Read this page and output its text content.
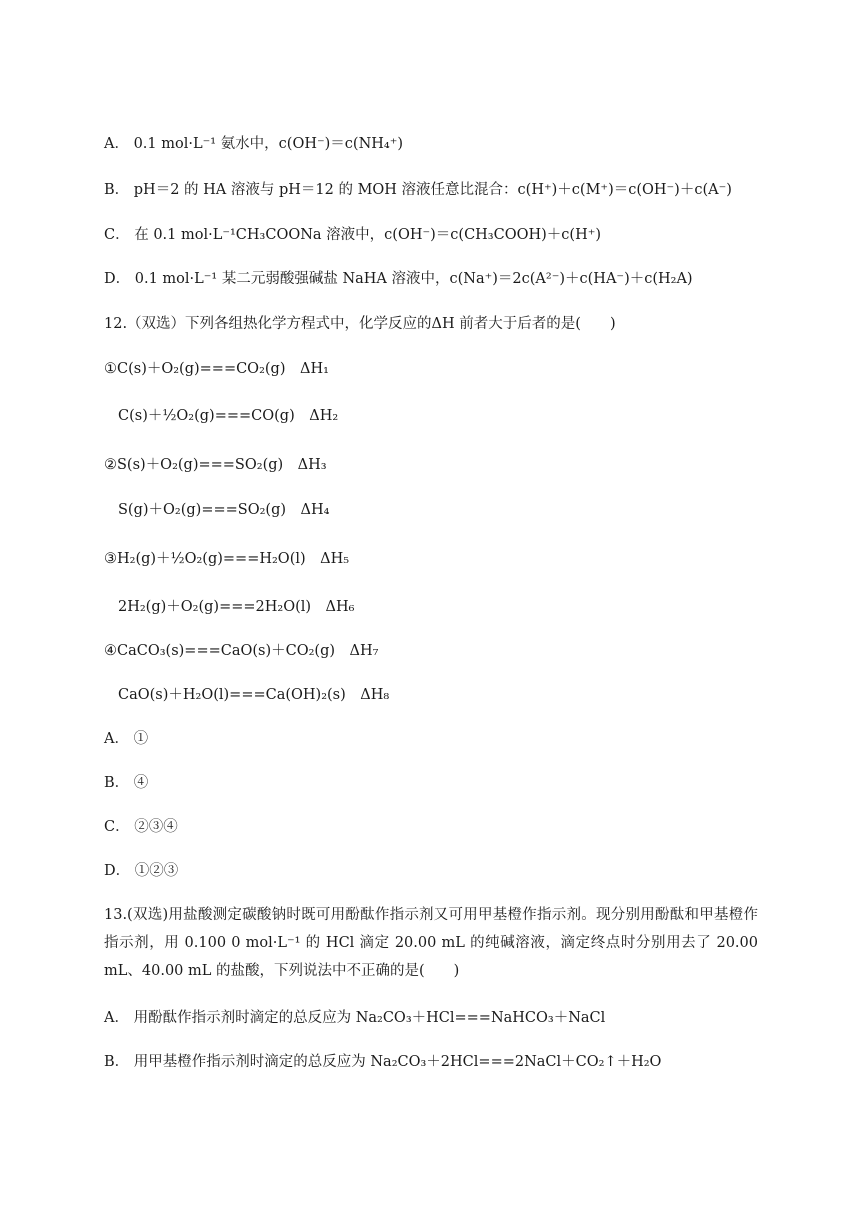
A． 0.1 mol·L⁻¹ 氨水中，c(OH⁻)＝c(NH₄⁺)
B． pH＝2 的 HA 溶液与 pH＝12 的 MOH 溶液任意比混合：c(H⁺)＋c(M⁺)＝c(OH⁻)＋c(A⁻)
C． 在 0.1 mol·L⁻¹CH₃COONa 溶液中，c(OH⁻)＝c(CH₃COOH)＋c(H⁺)
D． 0.1 mol·L⁻¹ 某二元弱酸强碱盐 NaHA 溶液中，c(Na⁺)＝2c(A²⁻)＋c(HA⁻)＋c(H₂A)
12.（双选）下列各组热化学方程式中，化学反应的ΔH 前者大于后者的是(　　)
①C(s)＋O₂(g)===CO₂(g)　ΔH₁
C(s)＋½O₂(g)===CO(g)　ΔH₂
②S(s)＋O₂(g)===SO₂(g)　ΔH₃
S(g)＋O₂(g)===SO₂(g)　ΔH₄
③H₂(g)＋½O₂(g)===H₂O(l)　ΔH₅
2H₂(g)＋O₂(g)===2H₂O(l)　ΔH₆
④CaCO₃(s)===CaO(s)＋CO₂(g)　ΔH₇
CaO(s)＋H₂O(l)===Ca(OH)₂(s)　ΔH₈
A． ①
B． ④
C． ②③④
D． ①②③
13.(双选)用盐酸测定碳酸钠时既可用酚酞作指示剂又可用甲基橙作指示剂。现分别用酚酞和甲基橙作指示剂，用 0.100 0 mol·L⁻¹ 的 HCl 滴定 20.00 mL 的纯碱溶液，滴定终点时分别用去了 20.00 mL、40.00 mL 的盐酸，下列说法中不正确的是(　　)
A． 用酚酞作指示剂时滴定的总反应为 Na₂CO₃＋HCl===NaHCO₃＋NaCl
B． 用甲基橙作指示剂时滴定的总反应为 Na₂CO₃＋2HCl===2NaCl＋CO₂↑＋H₂O
